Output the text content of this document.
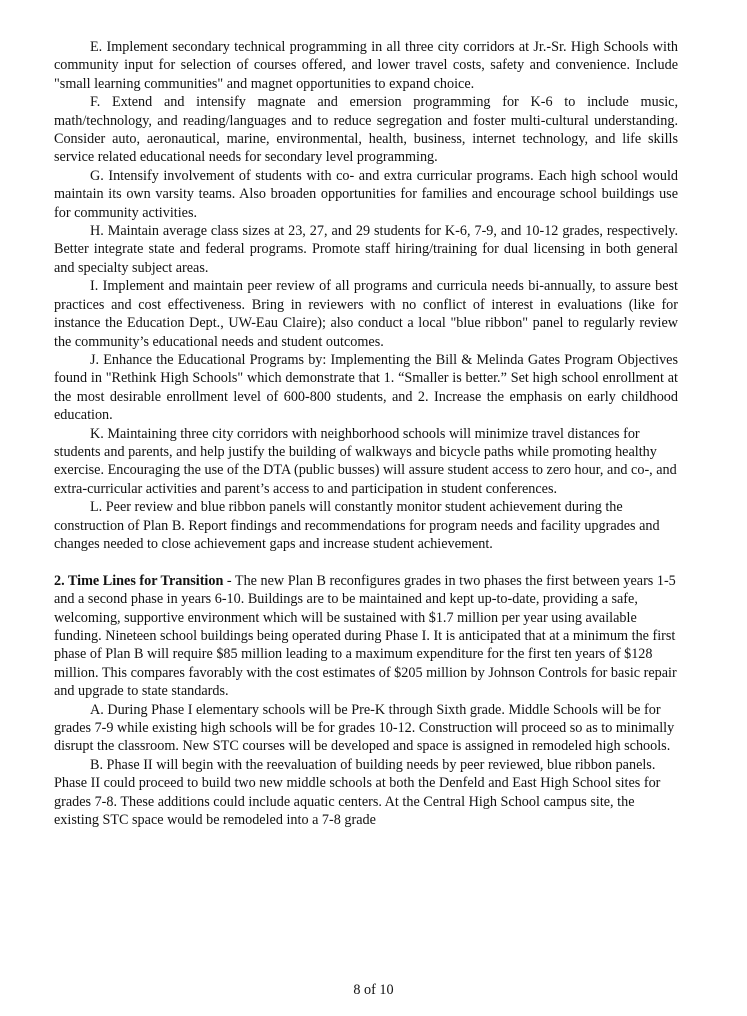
E. Implement secondary technical programming in all three city corridors at Jr.-Sr. High Schools with community input for selection of courses offered, and lower travel costs, safety and convenience. Include "small learning communities" and magnet opportunities to expand choice.

F. Extend and intensify magnate and emersion programming for K-6 to include music, math/technology, and reading/languages and to reduce segregation and foster multi-cultural understanding. Consider auto, aeronautical, marine, environmental, health, business, internet technology, and life skills service related educational needs for secondary level programming.

G. Intensify involvement of students with co- and extra curricular programs. Each high school would maintain its own varsity teams. Also broaden opportunities for families and encourage school buildings use for community activities.

H. Maintain average class sizes at 23, 27, and 29 students for K-6, 7-9, and 10-12 grades, respectively. Better integrate state and federal programs. Promote staff hiring/training for dual licensing in both general and specialty subject areas.

I. Implement and maintain peer review of all programs and curricula needs bi-annually, to assure best practices and cost effectiveness. Bring in reviewers with no conflict of interest in evaluations (like for instance the Education Dept., UW-Eau Claire); also conduct a local "blue ribbon" panel to regularly review the community’s educational needs and student outcomes.

J. Enhance the Educational Programs by: Implementing the Bill & Melinda Gates Program Objectives found in "Rethink High Schools" which demonstrate that 1. “Smaller is better.” Set high school enrollment at the most desirable enrollment level of 600-800 students, and 2. Increase the emphasis on early childhood education.

K. Maintaining three city corridors with neighborhood schools will minimize travel distances for students and parents, and help justify the building of walkways and bicycle paths while promoting healthy exercise. Encouraging the use of the DTA (public busses) will assure student access to zero hour, and co-, and extra-curricular activities and parent’s access to and participation in student conferences.

L. Peer review and blue ribbon panels will constantly monitor student achievement during the construction of Plan B. Report findings and recommendations for program needs and facility upgrades and changes needed to close achievement gaps and increase student achievement.

2. Time Lines for Transition - The new Plan B reconfigures grades in two phases the first between years 1-5 and a second phase in years 6-10. Buildings are to be maintained and kept up-to-date, providing a safe, welcoming, supportive environment which will be sustained with $1.7 million per year using available funding. Nineteen school buildings being operated during Phase I. It is anticipated that at a minimum the first phase of Plan B will require $85 million leading to a maximum expenditure for the first ten years of $128 million. This compares favorably with the cost estimates of $205 million by Johnson Controls for basic repair and upgrade to state standards.

A. During Phase I elementary schools will be Pre-K through Sixth grade. Middle Schools will be for grades 7-9 while existing high schools will be for grades 10-12. Construction will proceed so as to minimally disrupt the classroom. New STC courses will be developed and space is assigned in remodeled high schools.

B. Phase II will begin with the reevaluation of building needs by peer reviewed, blue ribbon panels. Phase II could proceed to build two new middle schools at both the Denfeld and East High School sites for grades 7-8. These additions could include aquatic centers. At the Central High School campus site, the existing STC space would be remodeled into a 7-8 grade

8 of 10
